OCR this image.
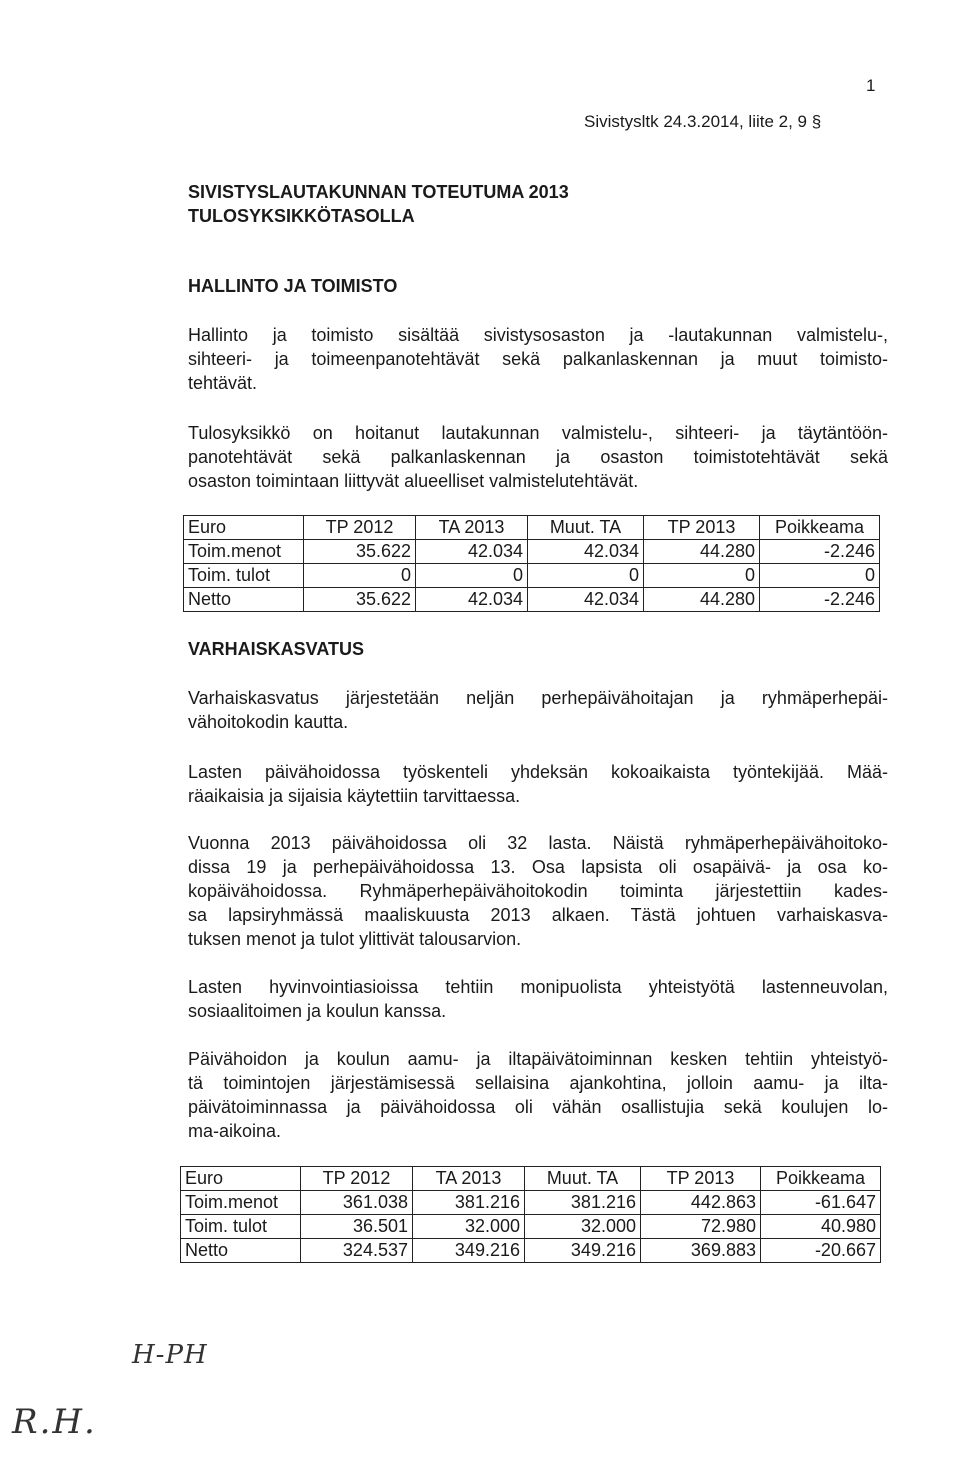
1
Sivistysltk 24.3.2014, liite 2, 9 §
SIVISTYSLAUTAKUNNAN TOTEUTUMA 2013
TULOSYKSIKKÖTASOLLA
HALLINTO JA TOIMISTO
Hallinto ja toimisto sisältää sivistysosaston ja -lautakunnan valmistelu-,
sihteeri- ja toimeenpanotehtävät sekä palkanlaskennan ja muut toimisto-
tehtävät.
Tulosyksikkö on hoitanut lautakunnan valmistelu-, sihteeri- ja täytäntöön-
panotehtävät sekä palkanlaskennan ja osaston toimistotehtävät sekä
osaston toimintaan liittyvät alueelliset valmistelutehtävät.
Euro	TP 2012	TA 2013	Muut. TA	TP 2013	Poikkeama
Toim.menot	35.622	42.034	42.034	44.280	-2.246
Toim. tulot	0	0	0	0	0
Netto	35.622	42.034	42.034	44.280	-2.246
VARHAISKASVATUS
Varhaiskasvatus järjestetään neljän perhepäivähoitajan ja ryhmäperhepäi-
vähoitokodin kautta.
Lasten päivähoidossa työskenteli yhdeksän kokoaikaista työntekijää. Mää-
räaikaisia ja sijaisia käytettiin tarvittaessa.
Vuonna 2013 päivähoidossa oli 32 lasta. Näistä ryhmäperhepäivähoitoko-
dissa 19 ja perhepäivähoidossa 13. Osa lapsista oli osapäivä- ja osa ko-
kopäivähoidossa. Ryhmäperhepäivähoitokodin toiminta järjestettiin kades-
sa lapsiryhmässä maaliskuusta 2013 alkaen. Tästä johtuen varhaiskasva-
tuksen menot ja tulot ylittivät talousarvion.
Lasten hyvinvointiasioissa tehtiin monipuolista yhteistyötä lastenneuvolan,
sosiaalitoimen ja koulun kanssa.
Päivähoidon ja koulun aamu- ja iltapäivätoiminnan kesken tehtiin yhteistyö-
tä toimintojen järjestämisessä sellaisina ajankohtina, jolloin aamu- ja ilta-
päivätoiminnassa ja päivähoidossa oli vähän osallistujia sekä koulujen lo-
ma-aikoina.
Euro	TP 2012	TA 2013	Muut. TA	TP 2013	Poikkeama
Toim.menot	361.038	381.216	381.216	442.863	-61.647
Toim. tulot	36.501	32.000	32.000	72.980	40.980
Netto	324.537	349.216	349.216	369.883	-20.667
H-PH
R.H.
